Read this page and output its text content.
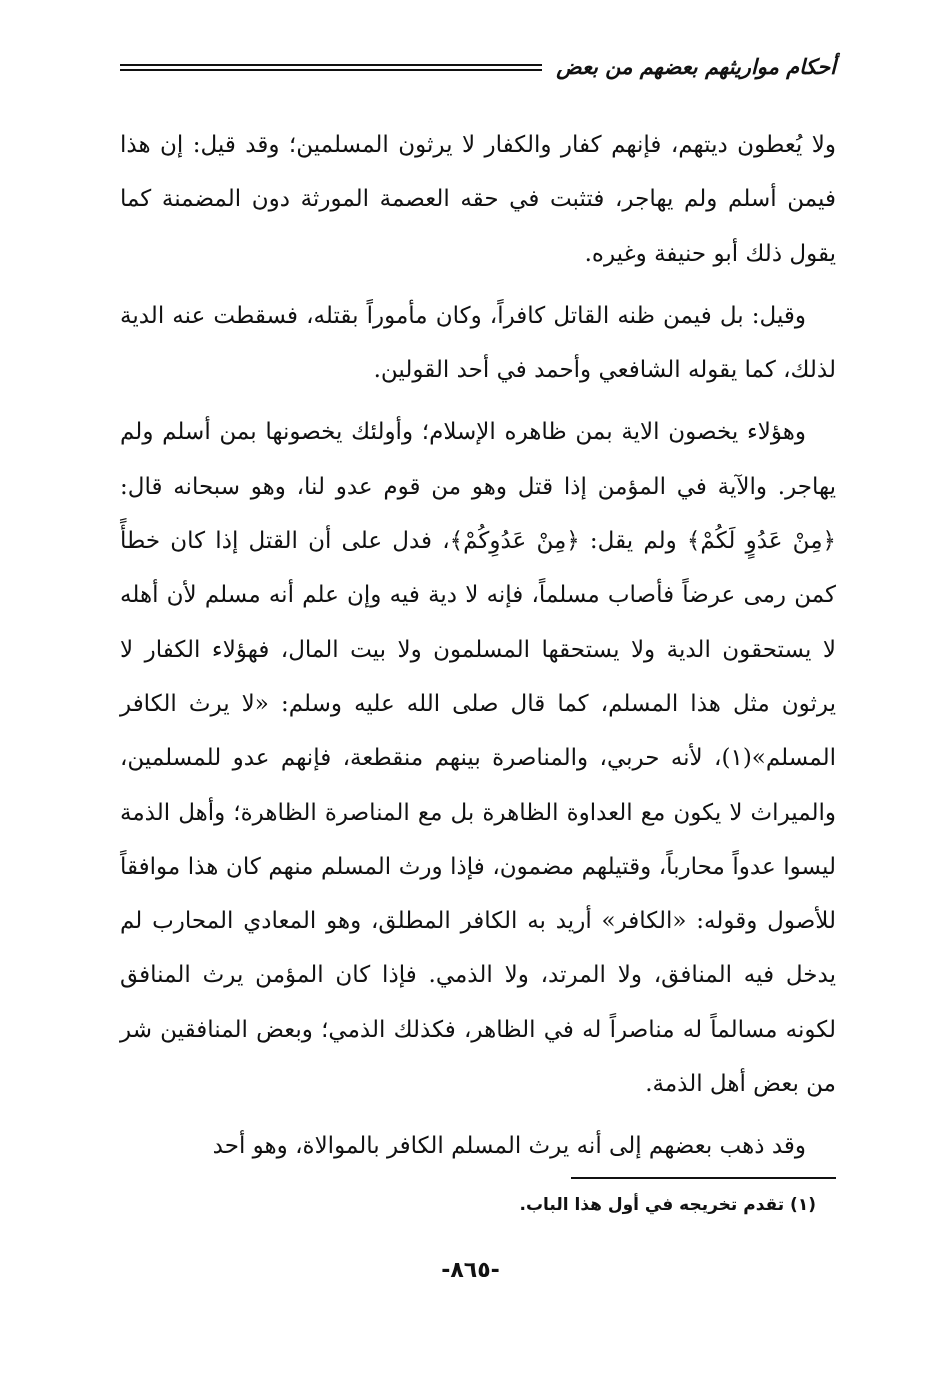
أحكام مواريثهم بعضهم من بعض

ولا يُعطون ديتهم، فإنهم كفار والكفار لا يرثون المسلمين؛ وقد قيل: إن هذا فيمن أسلم ولم يهاجر، فتثبت في حقه العصمة المورثة دون المضمنة كما يقول ذلك أبو حنيفة وغيره.

وقيل: بل فيمن ظنه القاتل كافراً، وكان مأموراً بقتله، فسقطت عنه الدية لذلك، كما يقوله الشافعي وأحمد في أحد القولين.

وهؤلاء يخصون الاية بمن ظاهره الإسلام؛ وأولئك يخصونها بمن أسلم ولم يهاجر. والآية في المؤمن إذا قتل وهو من قوم عدو لنا، وهو سبحانه قال: ﴿مِنْ عَدُوٍ لَكُمْ﴾ ولم يقل: ﴿مِنْ عَدُوِكُمْ﴾، فدل على أن القتل إذا كان خطأً كمن رمى عرضاً فأصاب مسلماً، فإنه لا دية فيه وإن علم أنه مسلم لأن أهله لا يستحقون الدية ولا يستحقها المسلمون ولا بيت المال، فهؤلاء الكفار لا يرثون مثل هذا المسلم، كما قال صلى الله عليه وسلم: «لا يرث الكافر المسلم»(١)، لأنه حربي، والمناصرة بينهم منقطعة، فإنهم عدو للمسلمين، والميراث لا يكون مع العداوة الظاهرة بل مع المناصرة الظاهرة؛ وأهل الذمة ليسوا عدواً محارباً، وقتيلهم مضمون، فإذا ورث المسلم منهم كان هذا موافقاً للأصول وقوله: «الكافر» أريد به الكافر المطلق، وهو المعادي المحارب لم يدخل فيه المنافق، ولا المرتد، ولا الذمي. فإذا كان المؤمن يرث المنافق لكونه مسالماً له مناصراً له في الظاهر، فكذلك الذمي؛ وبعض المنافقين شر من بعض أهل الذمة.

وقد ذهب بعضهم إلى أنه يرث المسلم الكافر بالموالاة، وهو أحد

(١) تقدم تخريجه في أول هذا الباب.
-٨٦٥-
